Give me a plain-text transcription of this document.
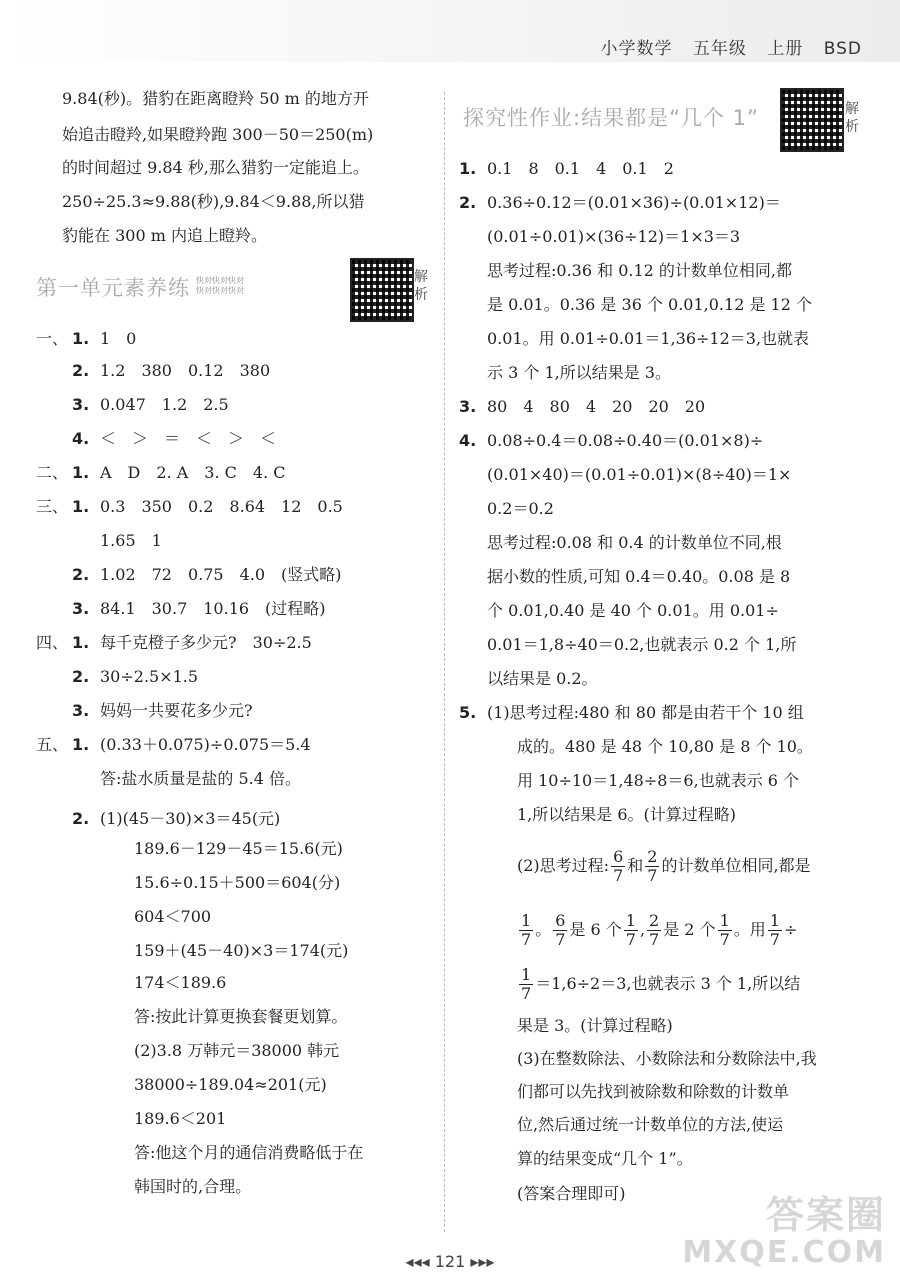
小学数学 五年级 上册 BSD
9.84(秒)。猎豹在距离瞪羚 50 m 的地方开
始追击瞪羚,如果瞪羚跑 300－50＝250(m)
的时间超过 9.84 秒,那么猎豹一定能追上。
250÷25.3≈9.88(秒),9.84＜9.88,所以猎
豹能在 300 m 内追上瞪羚。
第一单元素养练 快对快对快对
快对快对快对
解析
一、 1. 1　0
2. 1.2　380　0.12　380
3. 0.047　1.2　2.5
4. ＜　＞　＝　＜　＞　＜
二、 1. A　D　2. A　3. C　4. C
三、 1. 0.3　350　0.2　8.64　12　0.5
1.65　1
2. 1.02　72　0.75　4.0　(竖式略)
3. 84.1　30.7　10.16　(过程略)
四、 1. 每千克橙子多少元?　30÷2.5
2. 30÷2.5×1.5
3. 妈妈一共要花多少元?
五、 1. (0.33＋0.075)÷0.075＝5.4
答:盐水质量是盐的 5.4 倍。
2. (1)(45－30)×3＝45(元)
189.6－129－45＝15.6(元)
15.6÷0.15＋500＝604(分)
604＜700
159＋(45－40)×3＝174(元)
174＜189.6
答:按此计算更换套餐更划算。
(2)3.8 万韩元＝38000 韩元
38000÷189.04≈201(元)
189.6＜201
答:他这个月的通信消费略低于在
韩国时的,合理。
探究性作业:结果都是“几个 1”	解析
1. 0.1　8　0.1　4　0.1　2
2. 0.36÷0.12＝(0.01×36)÷(0.01×12)＝
(0.01÷0.01)×(36÷12)＝1×3＝3
思考过程:0.36 和 0.12 的计数单位相同,都
是 0.01。0.36 是 36 个 0.01,0.12 是 12 个
0.01。用 0.01÷0.01＝1,36÷12＝3,也就表
示 3 个 1,所以结果是 3。
3. 80　4　80　4　20　20　20
4. 0.08÷0.4＝0.08÷0.40＝(0.01×8)÷
(0.01×40)＝(0.01÷0.01)×(8÷40)＝1×
0.2＝0.2
思考过程:0.08 和 0.4 的计数单位不同,根
据小数的性质,可知 0.4＝0.40。0.08 是 8
个 0.01,0.40 是 40 个 0.01。用 0.01÷
0.01＝1,8÷40＝0.2,也就表示 0.2 个 1,所
以结果是 0.2。
5. (1)思考过程:480 和 80 都是由若干个 10 组
成的。480 是 48 个 10,80 是 8 个 10。
用 10÷10＝1,48÷8＝6,也就表示 6 个
1,所以结果是 6。(计算过程略)
(2)思考过程: $\frac{6}{7}$ 和 $\frac{2}{7}$ 的计数单位相同,都是
$\frac{1}{7}$ 。 $\frac{6}{7}$ 是 6 个 $\frac{1}{7}$ , $\frac{2}{7}$ 是 2 个 $\frac{1}{7}$ 。用 $\frac{1}{7}$ ÷
$\frac{1}{7} =1,6\div 2=3$,也就表示 3 个 1,所以结
果是 3。(计算过程略)
(3)在整数除法、小数除法和分数除法中,我
们都可以先找到被除数和除数的计数单
位,然后通过统一计数单位的方法,使运
算的结果变成“几个 1”。
(答案合理即可)
◂◂◂ 121 ▸▸▸
答案圈
MXQE.COM
